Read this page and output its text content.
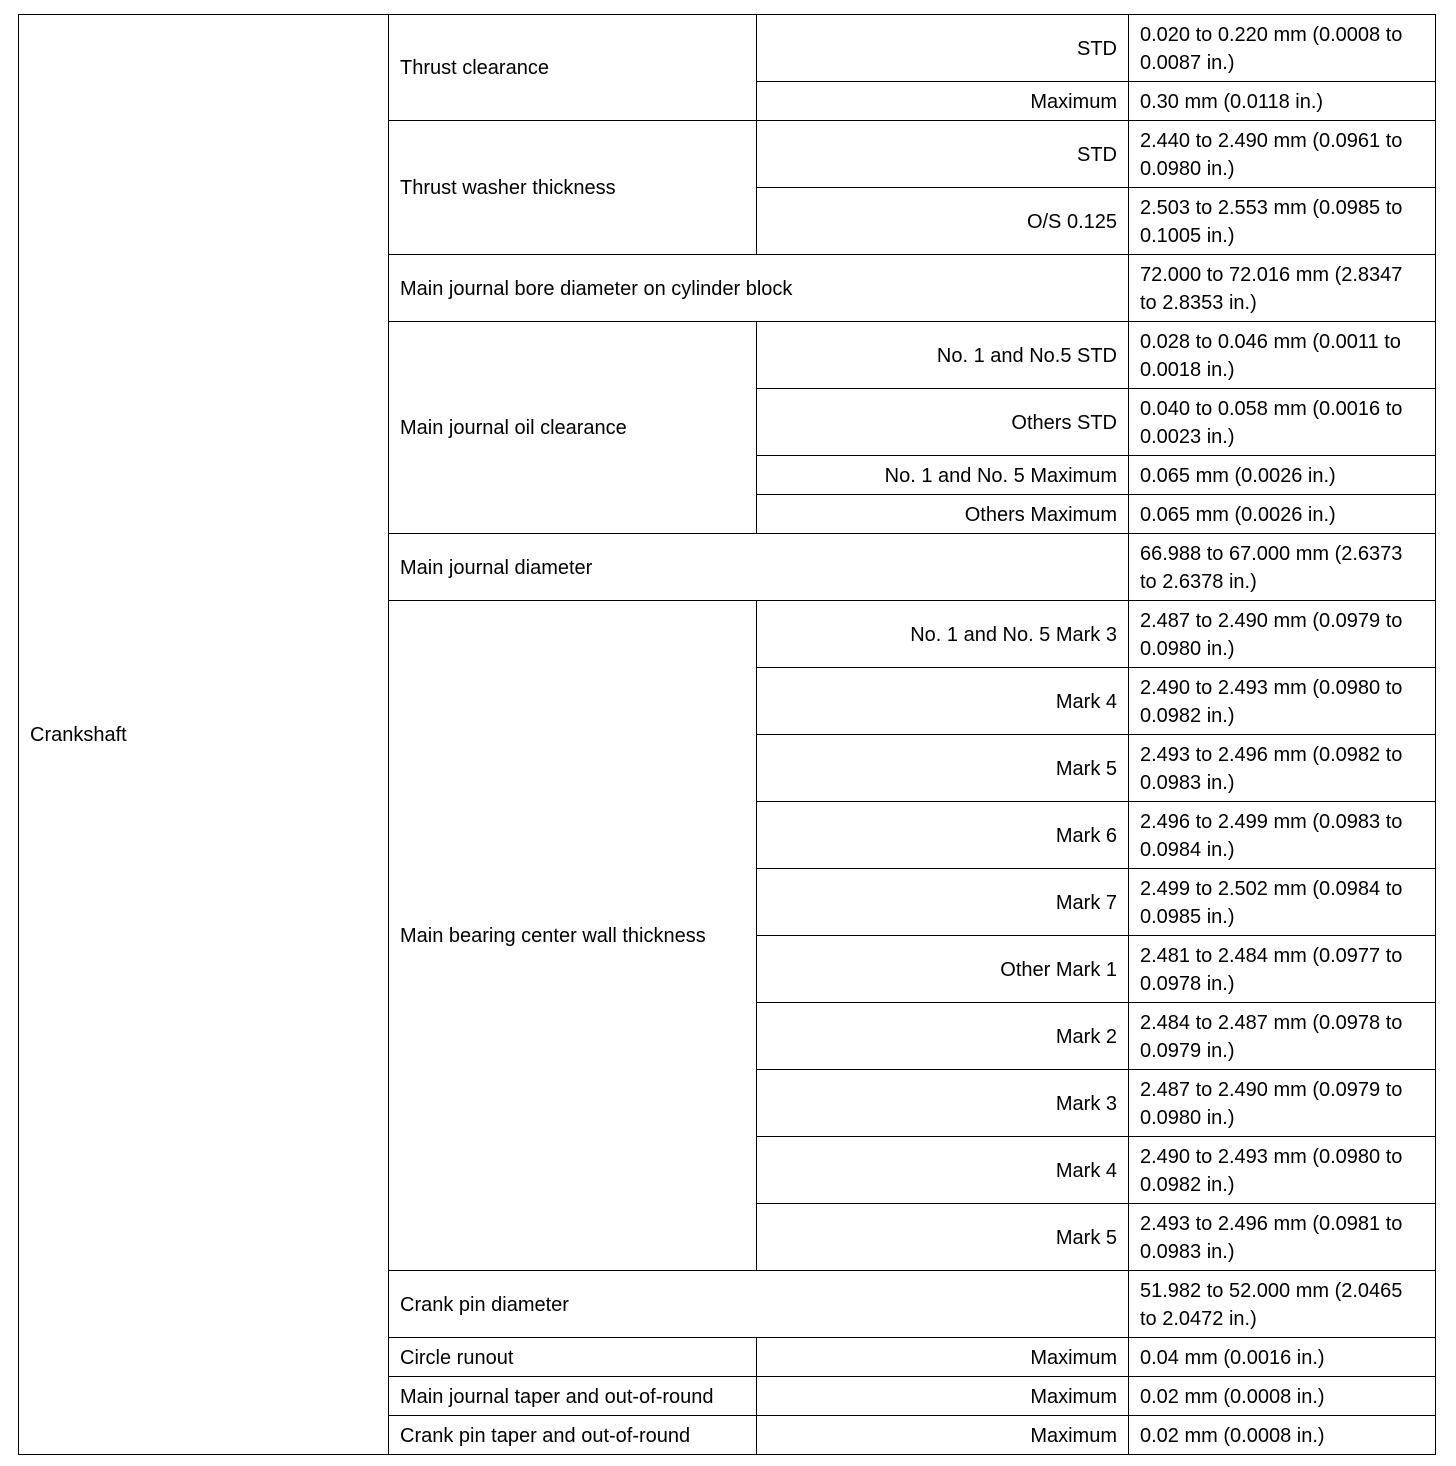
Crankshaft	Thrust clearance	STD	0.020 to 0.220 mm (0.0008 to 0.0087 in.)
		Maximum	0.30 mm (0.0118 in.)
	Thrust washer thickness	STD	2.440 to 2.490 mm (0.0961 to 0.0980 in.)
		O/S 0.125	2.503 to 2.553 mm (0.0985 to 0.1005 in.)
	Main journal bore diameter on cylinder block		72.000 to 72.016 mm (2.8347 to 2.8353 in.)
	Main journal oil clearance	No. 1 and No.5 STD	0.028 to 0.046 mm (0.0011 to 0.0018 in.)
		Others STD	0.040 to 0.058 mm (0.0016 to 0.0023 in.)
		No. 1 and No. 5 Maximum	0.065 mm (0.0026 in.)
		Others Maximum	0.065 mm (0.0026 in.)
	Main journal diameter		66.988 to 67.000 mm (2.6373 to 2.6378 in.)
	Main bearing center wall thickness	No. 1 and No. 5 Mark 3	2.487 to 2.490 mm (0.0979 to 0.0980 in.)
		Mark 4	2.490 to 2.493 mm (0.0980 to 0.0982 in.)
		Mark 5	2.493 to 2.496 mm (0.0982 to 0.0983 in.)
		Mark 6	2.496 to 2.499 mm (0.0983 to 0.0984 in.)
		Mark 7	2.499 to 2.502 mm (0.0984 to 0.0985 in.)
		Other Mark 1	2.481 to 2.484 mm (0.0977 to 0.0978 in.)
		Mark 2	2.484 to 2.487 mm (0.0978 to 0.0979 in.)
		Mark 3	2.487 to 2.490 mm (0.0979 to 0.0980 in.)
		Mark 4	2.490 to 2.493 mm (0.0980 to 0.0982 in.)
		Mark 5	2.493 to 2.496 mm (0.0981 to 0.0983 in.)
	Crank pin diameter		51.982 to 52.000 mm (2.0465 to 2.0472 in.)
	Circle runout	Maximum	0.04 mm (0.0016 in.)
	Main journal taper and out-of-round	Maximum	0.02 mm (0.0008 in.)
	Crank pin taper and out-of-round	Maximum	0.02 mm (0.0008 in.)
